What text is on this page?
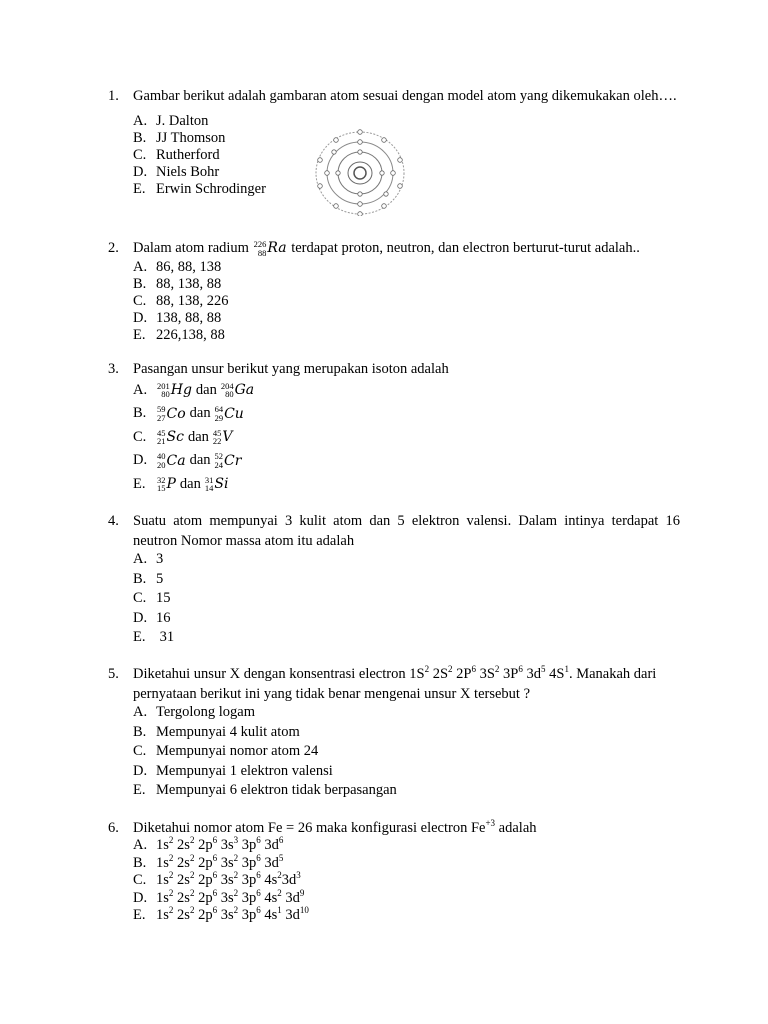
1. Gambar berikut adalah gambaran atom sesuai dengan model atom yang dikemukakan oleh….
A. J. Dalton
B. JJ Thomson
C. Rutherford
D. Niels Bohr
E. Erwin Schrodinger
2. Dalam atom radium 226
88 Ra terdapat proton, neutron, dan electron berturut-turut adalah..
A. 86, 88, 138
B. 88, 138, 88
C. 88, 138, 226
D. 138, 88, 88
E. 226,138, 88
3. Pasangan unsur berikut yang merupakan isoton adalah
A.	201
80 Hg dan 204
80 Ga
B.	59
27 Co dan 64
29 Cu
C.	45
21 Sc dan 45
22 V
D.	40
20 Ca dan 52
24 Cr
E.	32
15 P dan 31
14 Si
4. Suatu atom mempunyai 3 kulit atom dan 5 elektron valensi. Dalam intinya terdapat 16 neutron Nomor massa atom itu adalah
A. 3
B. 5
C. 15
D. 16
E. 31
5. Diketahui unsur X dengan konsentrasi electron $1S^2$ $2S^2$ $2P^6$ $3S^2$ $3P^6$ $3d^5$ $4S^1$. Manakah dari pernyataan berikut ini yang tidak benar mengenai unsur X tersebut ?
A. Tergolong logam
B. Mempunyai 4 kulit atom
C. Mempunyai nomor atom 24
D. Mempunyai 1 elektron valensi
E. Mempunyai 6 elektron tidak berpasangan
6. Diketahui nomor atom Fe = 26 maka konfigurasi electron $Fe^{+3}$ adalah
A. $1s^2$ $2s^2$ $2p^6$ $3s^3$ $3p^6$ $3d^6$
B. $1s^2$ $2s^2$ $2p^6$ $3s^2$ $3p^6$ $3d^5$
C. $1s^2$ $2s^2$ $2p^6$ $3s^2$ $3p^6$ $4s^23d^3$
D. $1s^2$ $2s^2$ $2p^6$ $3s^2$ $3p^6$ $4s^2$ $3d^9$
E. $1s^2$ $2s^2$ $2p^6$ $3s^2$ $3p^6$ $4s^1$ $3d^{10}$
